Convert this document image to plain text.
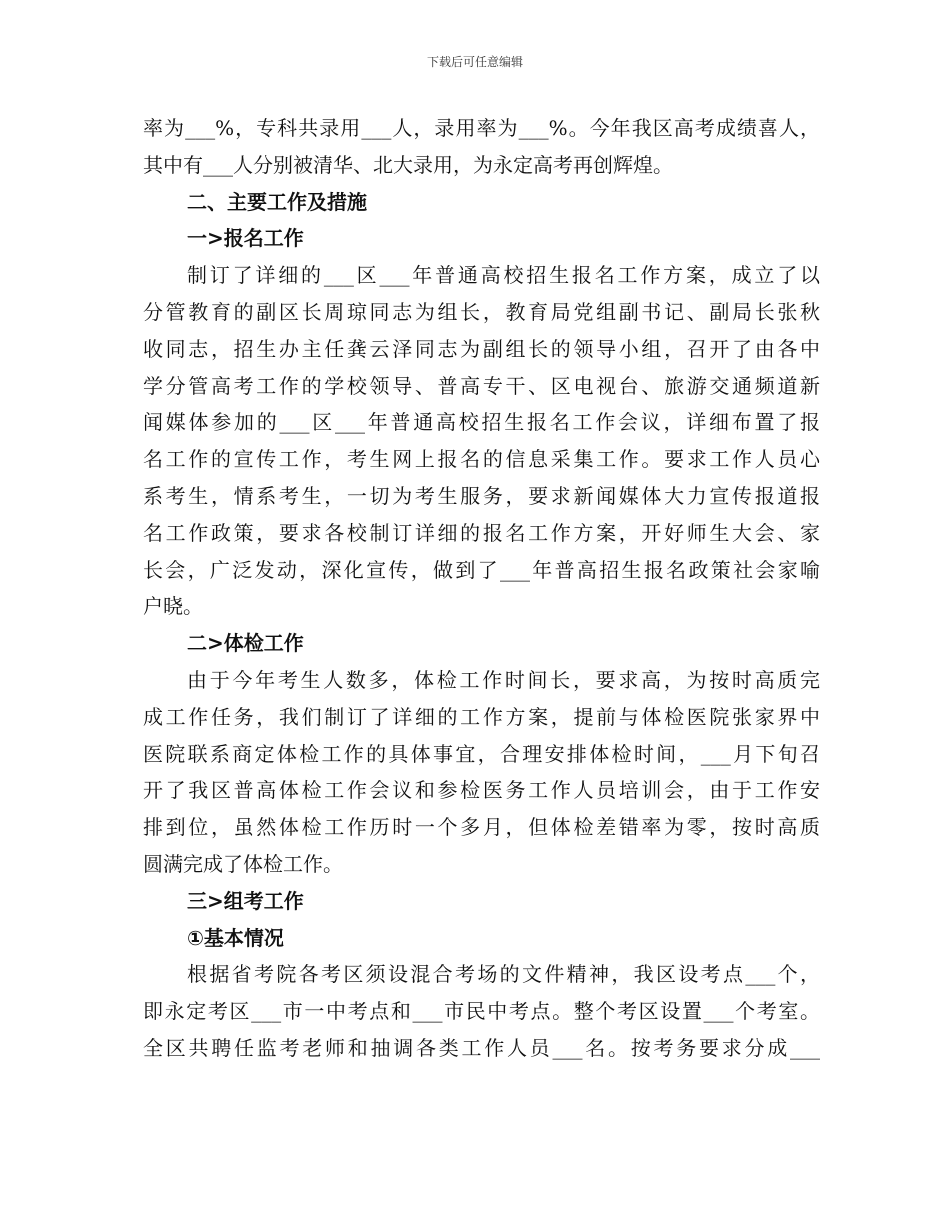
下载后可任意编辑
率为___%，专科共录用___人，录用率为___%。今年我区高考成绩喜人，
其中有___人分别被清华、北大录用，为永定高考再创辉煌。
二、主要工作及措施
一>报名工作
制订了详细的___区___年普通高校招生报名工作方案，成立了以
分管教育的副区长周琼同志为组长，教育局党组副书记、副局长张秋
收同志，招生办主任龚云泽同志为副组长的领导小组，召开了由各中
学分管高考工作的学校领导、普高专干、区电视台、旅游交通频道新
闻媒体参加的___区___年普通高校招生报名工作会议，详细布置了报
名工作的宣传工作，考生网上报名的信息采集工作。要求工作人员心
系考生，情系考生，一切为考生服务，要求新闻媒体大力宣传报道报
名工作政策，要求各校制订详细的报名工作方案，开好师生大会、家
长会，广泛发动，深化宣传，做到了___年普高招生报名政策社会家喻
户晓。
二>体检工作
由于今年考生人数多，体检工作时间长，要求高，为按时高质完
成工作任务，我们制订了详细的工作方案，提前与体检医院张家界中
医院联系商定体检工作的具体事宜，合理安排体检时间，___月下旬召
开了我区普高体检工作会议和参检医务工作人员培训会，由于工作安
排到位，虽然体检工作历时一个多月，但体检差错率为零，按时高质
圆满完成了体检工作。
三>组考工作
①基本情况
根据省考院各考区须设混合考场的文件精神，我区设考点___个，
即永定考区___市一中考点和___市民中考点。整个考区设置___个考室。
全区共聘任监考老师和抽调各类工作人员___名。按考务要求分成___
